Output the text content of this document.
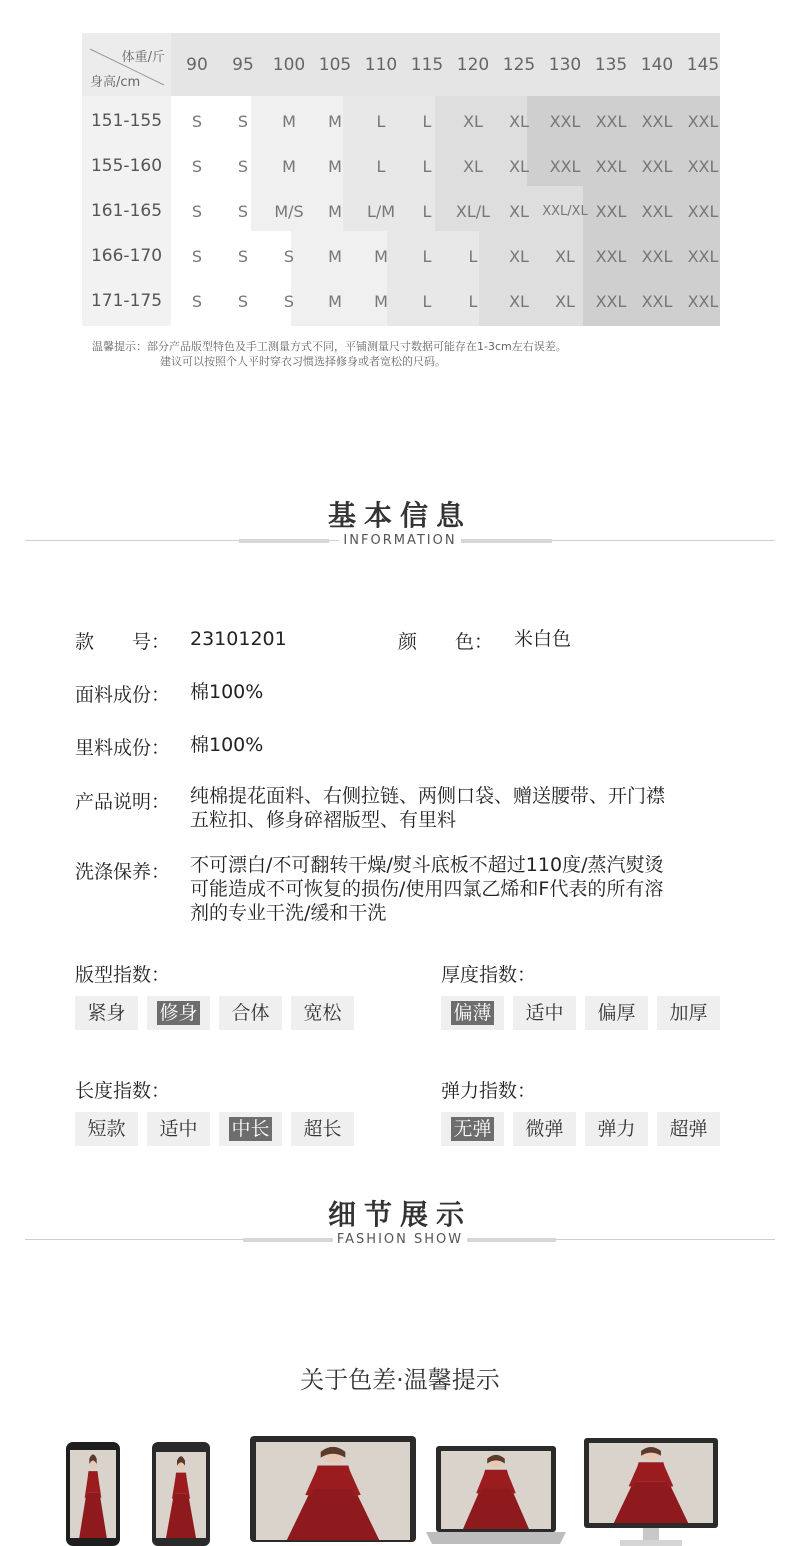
体重/斤
身高/cm
90	95	100 105 110 115 120 125 130 135 140 145
151-155	S	S	M	M	L	L	XL	XL	XXL XXL XXL XXL
155-160	S	S	M	M	L	L	XL	XL	XXL XXL XXL XXL
161-165	S	S	M/S	M	L/M	L	XL/L	XL	XXL/XL XXL XXL XXL
166-170	S	S	S	M	M	L	L	XL	XL	XXL XXL XXL
171-175	S	S	S	M	M	L	L	XL	XL	XXL XXL XXL
温馨提示：部分产品版型特色及手工测量方式不同，平铺测量尺寸数据可能存在1-3cm左右误差。
建议可以按照个人平时穿衣习惯选择修身或者宽松的尺码。
基本信息
INFORMATION
款　　号： 23101201	颜　　色： 米白色
面料成份： 棉100%
里料成份： 棉100%
产品说明： 纯棉提花面料、右侧拉链、两侧口袋、赠送腰带、开门襟
五粒扣、修身碎褶版型、有里料
洗涤保养： 不可漂白/不可翻转干燥/熨斗底板不超过110度/蒸汽熨烫
可能造成不可恢复的损伤/使用四氯乙烯和F代表的所有溶
剂的专业干洗/缓和干洗
版型指数：
紧身	修身	合体	宽松
厚度指数：
偏薄	适中	偏厚	加厚
长度指数：
短款	适中	中长	超长
弹力指数：
无弹	微弹	弹力	超弹
细节展示
FASHION SHOW
关于色差·温馨提示
